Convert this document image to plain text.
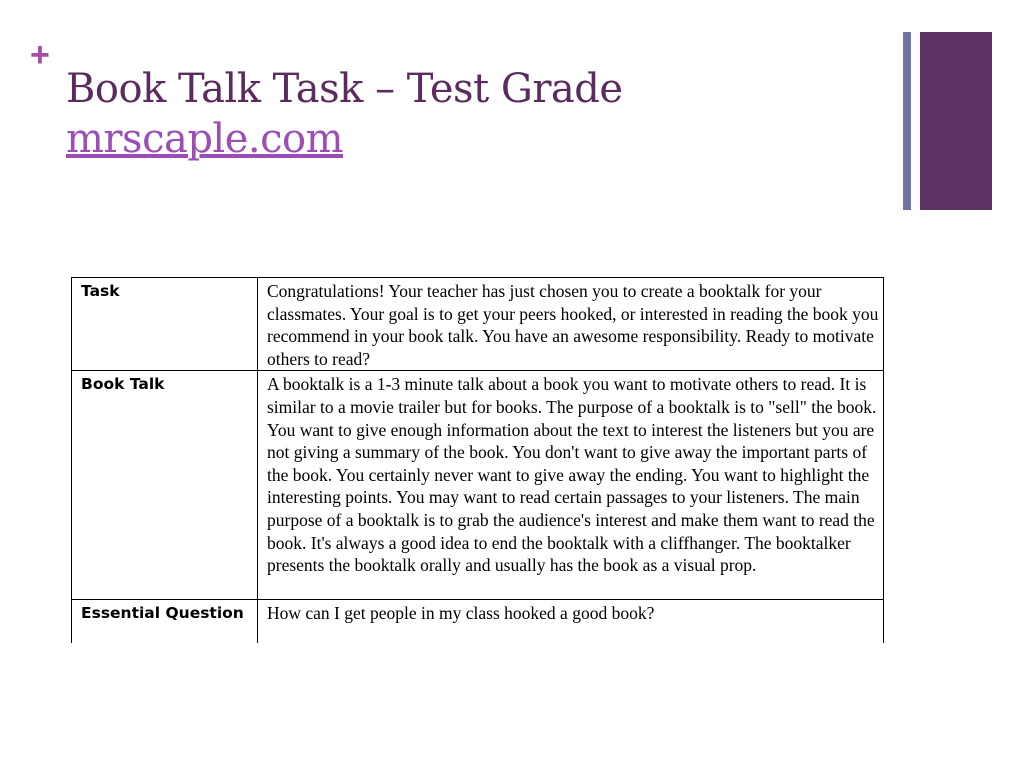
+
Book Talk Task – Test Grade
mrscaple.com
Task	Congratulations! Your teacher has just chosen you to create a booktalk for your classmates. Your goal is to get your peers hooked, or interested in reading the book you recommend in your book talk. You have an awesome responsibility. Ready to motivate others to read?
Book Talk	A booktalk is a 1-3 minute talk about a book you want to motivate others to read. It is similar to a movie trailer but for books. The purpose of a booktalk is to "sell" the book. You want to give enough information about the text to interest the listeners but you are not giving a summary of the book. You don't want to give away the important parts of the book. You certainly never want to give away the ending. You want to highlight the interesting points. You may want to read certain passages to your listeners. The main purpose of a booktalk is to grab the audience's interest and make them want to read the book. It's always a good idea to end the booktalk with a cliffhanger. The booktalker presents the booktalk orally and usually has the book as a visual prop.
Essential Question	How can I get people in my class hooked a good book?
